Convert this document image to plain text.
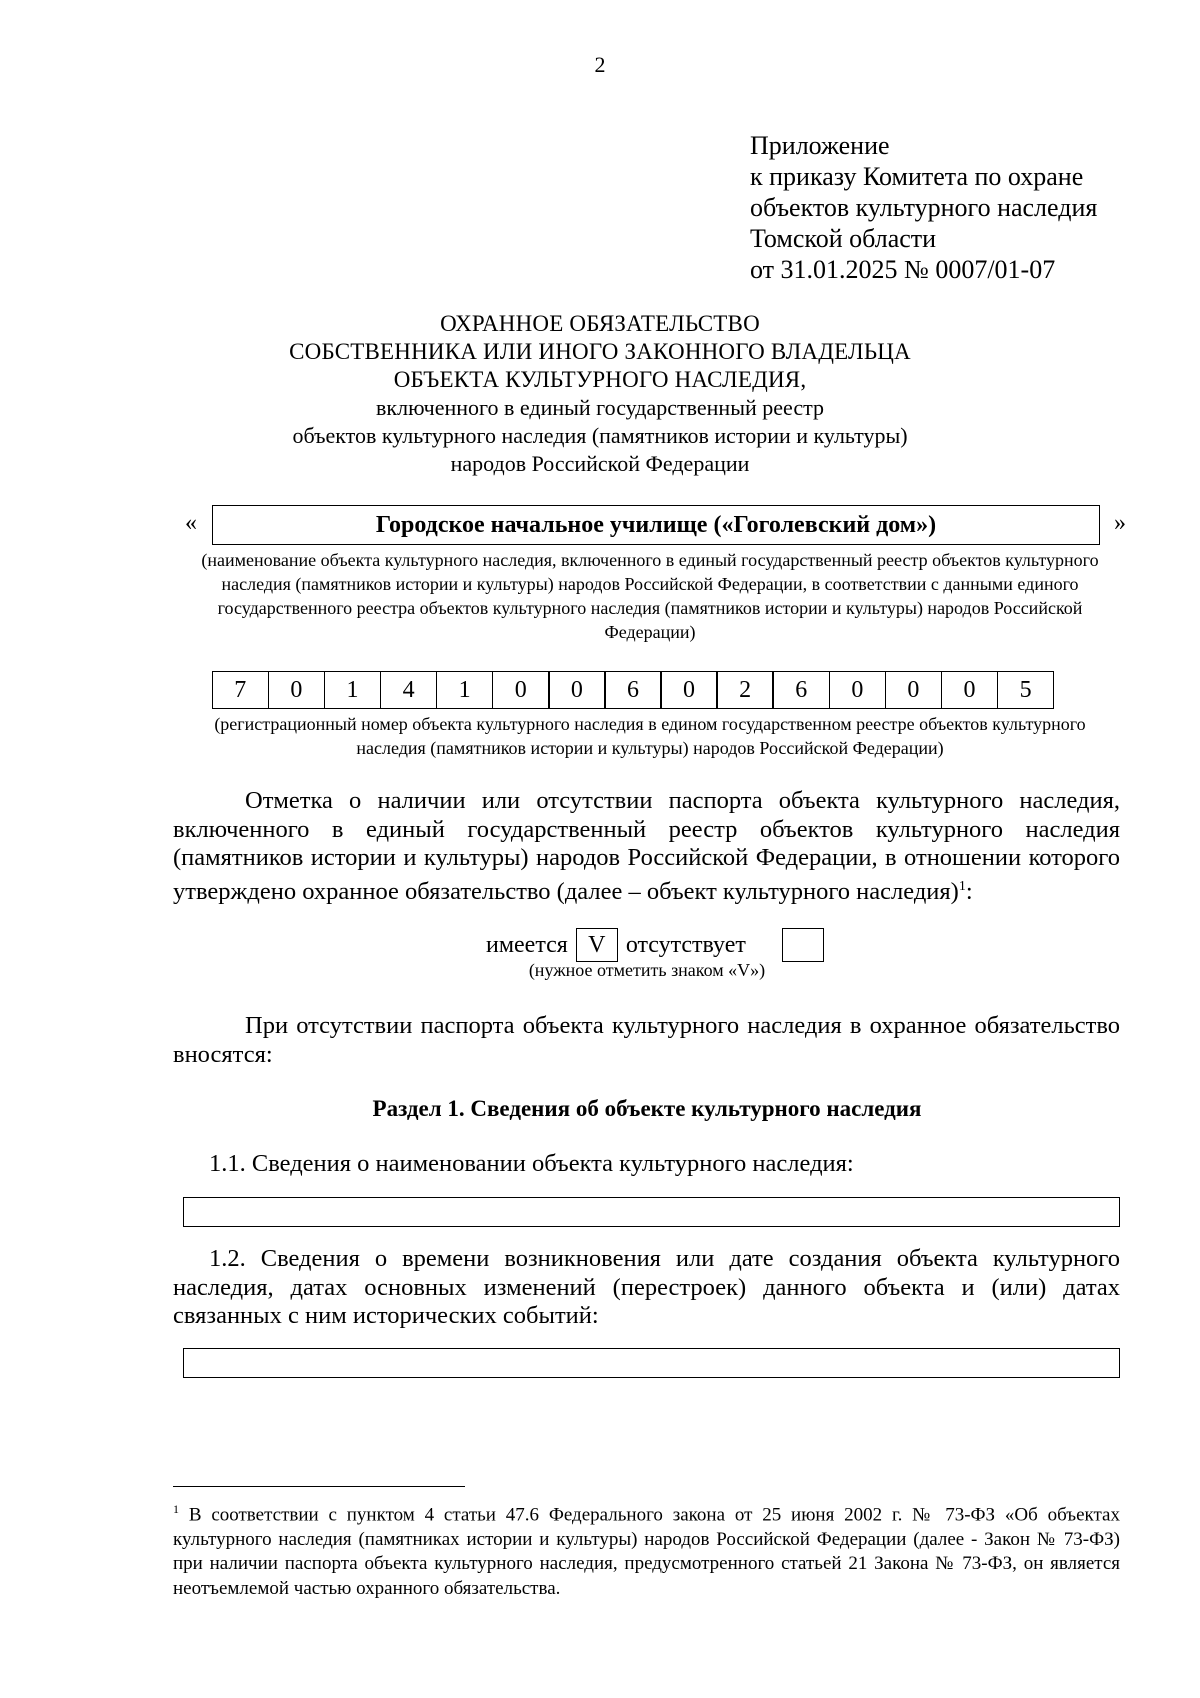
2
Приложение
к приказу Комитета по охране
объектов культурного наследия
Томской области
от 31.01.2025 № 0007/01-07
ОХРАННОЕ ОБЯЗАТЕЛЬСТВО
СОБСТВЕННИКА ИЛИ ИНОГО ЗАКОННОГО ВЛАДЕЛЬЦА
ОБЪЕКТА КУЛЬТУРНОГО НАСЛЕДИЯ,
включенного в единый государственный реестр
объектов культурного наследия (памятников истории и культуры)
народов Российской Федерации
«	Городское начальное училище («Гоголевский дом»)	»
(наименование объекта культурного наследия, включенного в единый государственный реестр объектов культурного наследия (памятников истории и культуры) народов Российской Федерации, в соответствии с данными единого государственного реестра объектов культурного наследия (памятников истории и культуры) народов Российской Федерации)
7	0	1	4	1	0	0	6	0	2	6	0	0	0	5
(регистрационный номер объекта культурного наследия в едином государственном реестре объектов культурного наследия (памятников истории и культуры) народов Российской Федерации)
Отметка о наличии или отсутствии паспорта объекта культурного наследия, включенного в единый государственный реестр объектов культурного наследия (памятников истории и культуры) народов Российской Федерации, в отношении которого утверждено охранное обязательство (далее – объект культурного наследия)$^1$:
имеется V отсутствует
(нужное отметить знаком «V»)
При отсутствии паспорта объекта культурного наследия в охранное обязательство вносятся:
Раздел 1. Сведения об объекте культурного наследия
1.1. Сведения о наименовании объекта культурного наследия:
1.2. Сведения о времени возникновения или дате создания объекта культурного наследия, датах основных изменений (перестроек) данного объекта и (или) датах связанных с ним исторических событий:
$^1$ В соответствии с пунктом 4 статьи 47.6 Федерального закона от 25 июня 2002 г. № 73-ФЗ «Об объектах культурного наследия (памятниках истории и культуры) народов Российской Федерации (далее - Закон № 73-ФЗ) при наличии паспорта объекта культурного наследия, предусмотренного статьей 21 Закона № 73-ФЗ, он является неотъемлемой частью охранного обязательства.
